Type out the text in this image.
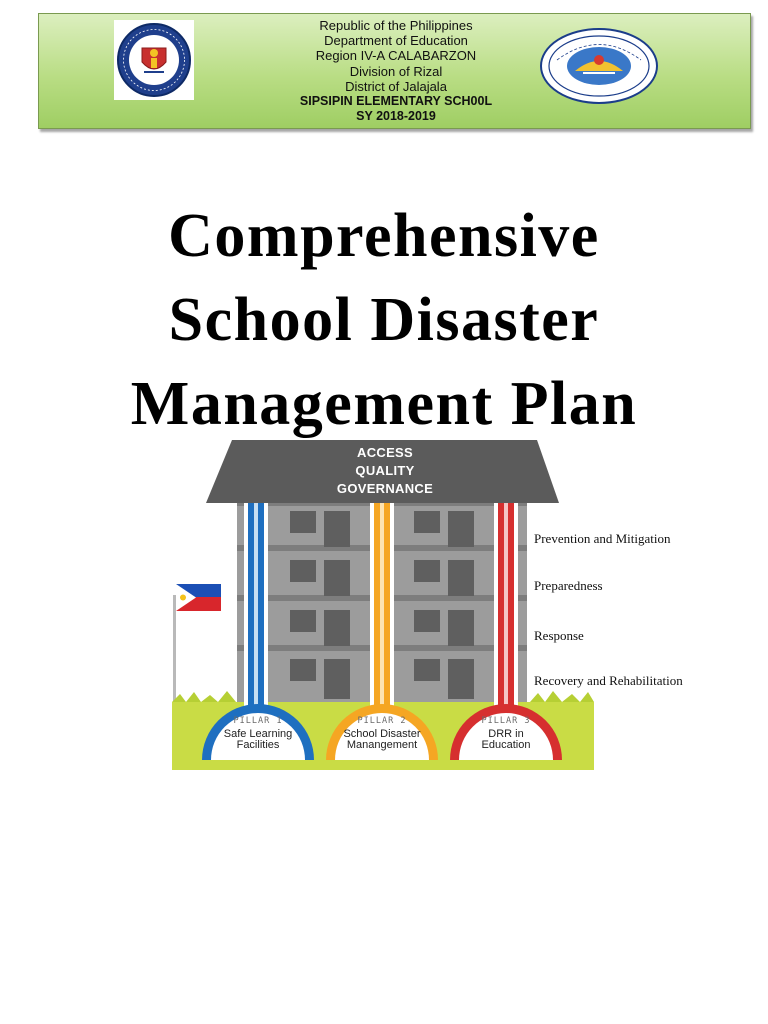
Republic of the Philippines
Department of Education
Region IV-A CALABARZON
Division of Rizal
District of Jalajala
SIPSIPIN ELEMENTARY SCH00L
SY 2018-2019
Comprehensive
School Disaster
Management Plan
ACCESS
QUALITY
GOVERNANCE
PILLAR 1
Safe Learning
Facilities
PILLAR 2
School Disaster
Manangement
PILLAR 3
DRR in
Education
Prevention and Mitigation
Preparedness
Response
Recovery and Rehabilitation
